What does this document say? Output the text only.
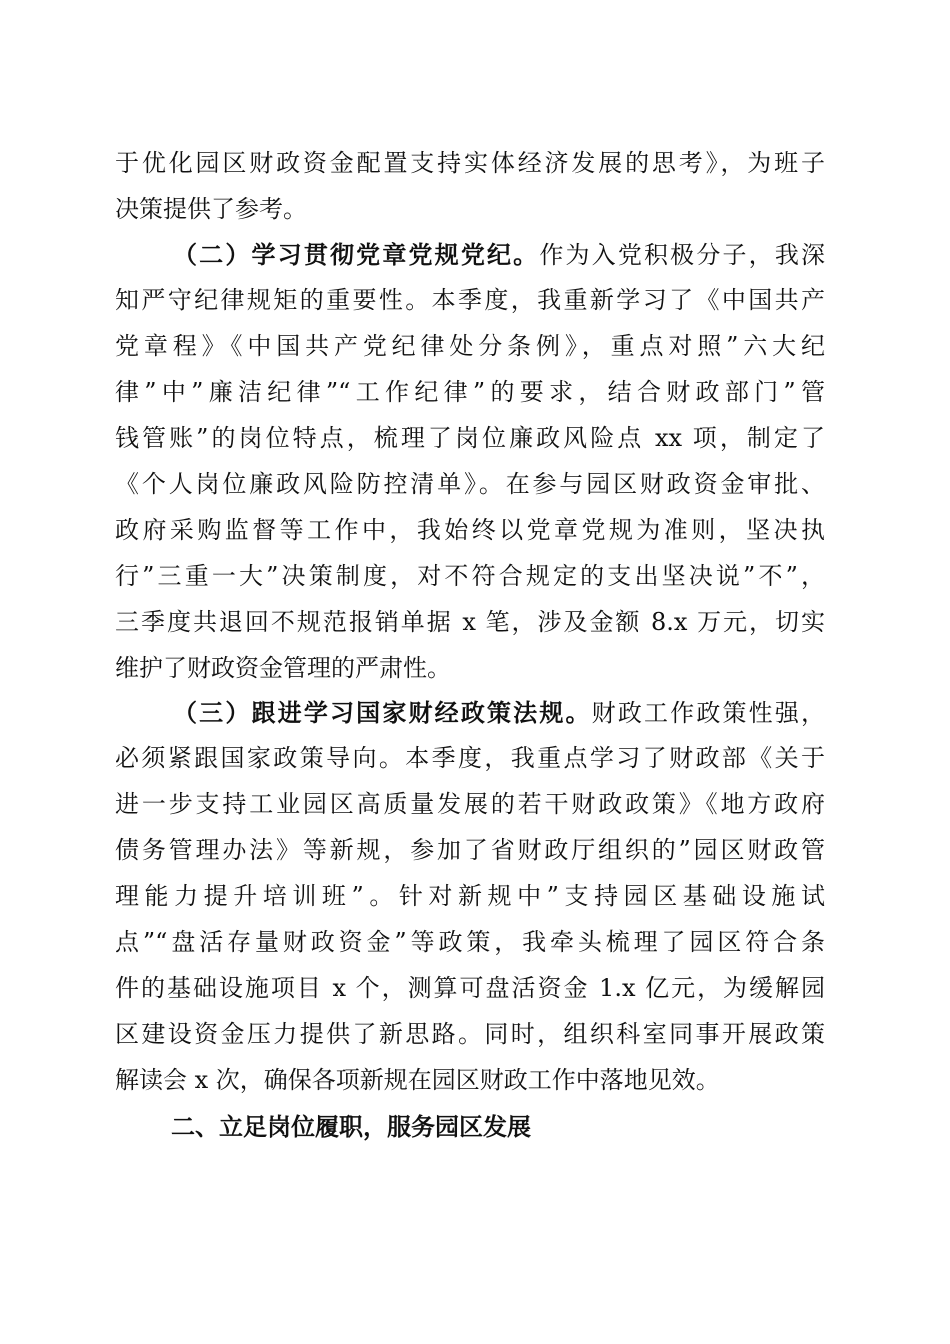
于优化园区财政资金配置支持实体经济发展的思考》，为班子
决策提供了参考。
（二）学习贯彻党章党规党纪。作为入党积极分子，我深
知严守纪律规矩的重要性。本季度，我重新学习了《中国共产
党章程》《中国共产党纪律处分条例》，重点对照”六大纪
律”中”廉洁纪律”“工作纪律”的要求，结合财政部门”管
钱管账”的岗位特点，梳理了岗位廉政风险点 xx 项，制定了
《个人岗位廉政风险防控清单》。在参与园区财政资金审批、
政府采购监督等工作中，我始终以党章党规为准则，坚决执
行”三重一大”决策制度，对不符合规定的支出坚决说”不”，
三季度共退回不规范报销单据 x 笔，涉及金额 8.x 万元，切实
维护了财政资金管理的严肃性。
（三）跟进学习国家财经政策法规。财政工作政策性强，
必须紧跟国家政策导向。本季度，我重点学习了财政部《关于
进一步支持工业园区高质量发展的若干财政政策》《地方政府
债务管理办法》等新规，参加了省财政厅组织的”园区财政管
理能力提升培训班”。针对新规中”支持园区基础设施试
点”“盘活存量财政资金”等政策，我牵头梳理了园区符合条
件的基础设施项目 x 个，测算可盘活资金 1.x 亿元，为缓解园
区建设资金压力提供了新思路。同时，组织科室同事开展政策
解读会 x 次，确保各项新规在园区财政工作中落地见效。
二、立足岗位履职，服务园区发展
